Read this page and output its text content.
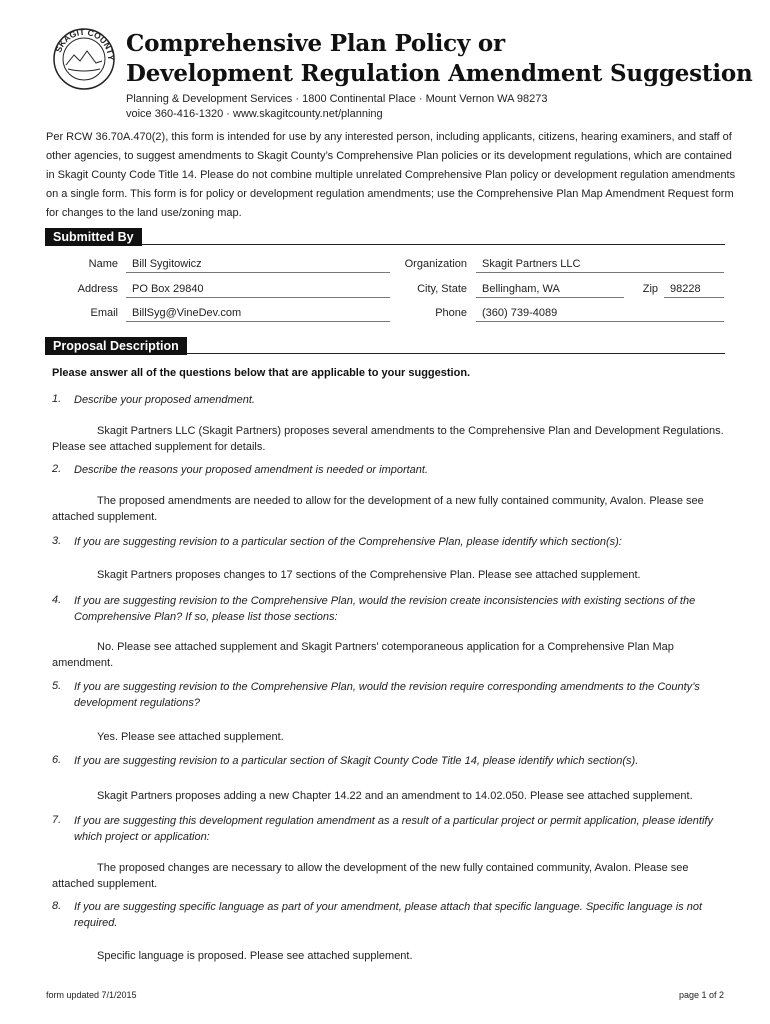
SKAGIT COUNTY
Comprehensive Plan Policy or
Development Regulation Amendment Suggestion
Planning & Development Services · 1800 Continental Place · Mount Vernon WA 98273
voice 360-416-1320 · www.skagitcounty.net/planning
Per RCW 36.70A.470(2), this form is intended for use by any interested person, including applicants, citizens, hearing examiners, and staff of other agencies, to suggest amendments to Skagit County’s Comprehensive Plan policies or its development regulations, which are contained in Skagit County Code Title 14. Please do not combine multiple unrelated Comprehensive Plan policy or development regulation amendments on a single form. This form is for policy or development regulation amendments; use the Comprehensive Plan Map Amendment Request form for changes to the land use/zoning map.
Submitted By
Name	Bill Sygitowicz	Organization	Skagit Partners LLC
Address	PO Box 29840	City, State	Bellingham, WA	Zip	98228
Email	BillSyg@VineDev.com	Phone	(360) 739-4089
Proposal Description
Please answer all of the questions below that are applicable to your suggestion.
1. Describe your proposed amendment.
Skagit Partners LLC (Skagit Partners) proposes several amendments to the Comprehensive Plan and Development Regulations. Please see attached supplement for details.
2. Describe the reasons your proposed amendment is needed or important.
The proposed amendments are needed to allow for the development of a new fully contained community, Avalon. Please see attached supplement.
3. If you are suggesting revision to a particular section of the Comprehensive Plan, please identify which section(s):
Skagit Partners proposes changes to 17 sections of the Comprehensive Plan. Please see attached supplement.
4. If you are suggesting revision to the Comprehensive Plan, would the revision create inconsistencies with existing sections of the Comprehensive Plan? If so, please list those sections:
No. Please see attached supplement and Skagit Partners' cotemporaneous application for a Comprehensive Plan Map amendment.
5. If you are suggesting revision to the Comprehensive Plan, would the revision require corresponding amendments to the County’s development regulations?
Yes. Please see attached supplement.
6. If you are suggesting revision to a particular section of Skagit County Code Title 14, please identify which section(s).
Skagit Partners proposes adding a new Chapter 14.22 and an amendment to 14.02.050. Please see attached supplement.
7. If you are suggesting this development regulation amendment as a result of a particular project or permit application, please identify which project or application:
The proposed changes are necessary to allow the development of the new fully contained community, Avalon. Please see attached supplement.
8. If you are suggesting specific language as part of your amendment, please attach that specific language. Specific language is not required.
Specific language is proposed. Please see attached supplement.
form updated 7/1/2015	page 1 of 2
